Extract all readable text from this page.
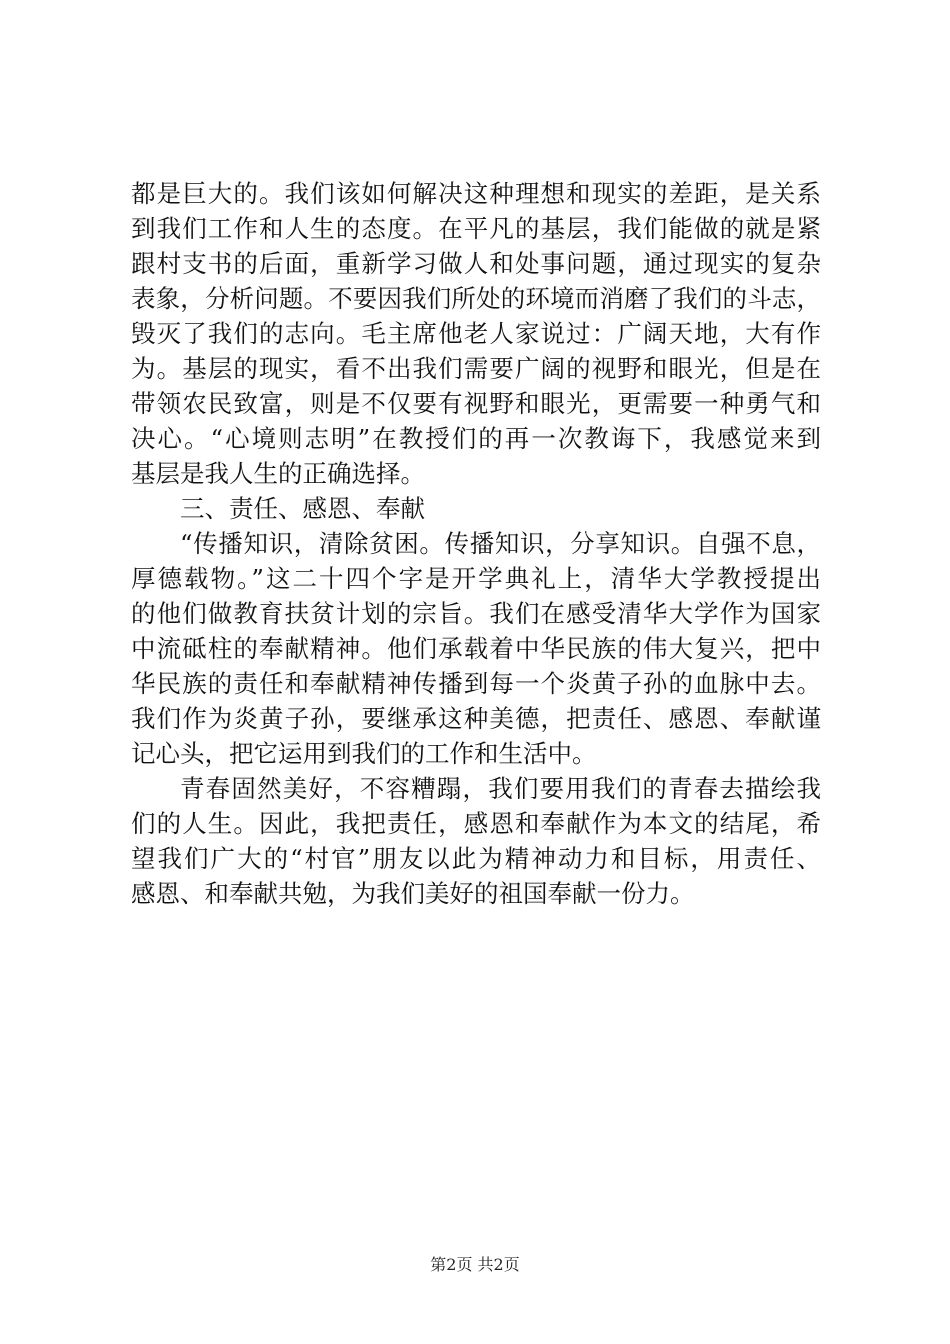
都是巨大的。我们该如何解决这种理想和现实的差距，是关系
到我们工作和人生的态度。在平凡的基层，我们能做的就是紧
跟村支书的后面，重新学习做人和处事问题，通过现实的复杂
表象，分析问题。不要因我们所处的环境而消磨了我们的斗志，
毁灭了我们的志向。毛主席他老人家说过：广阔天地，大有作
为。基层的现实，看不出我们需要广阔的视野和眼光，但是在
带领农民致富，则是不仅要有视野和眼光，更需要一种勇气和
决心。“心境则志明”在教授们的再一次教诲下，我感觉来到
基层是我人生的正确选择。
三、责任、感恩、奉献
“传播知识，清除贫困。传播知识，分享知识。自强不息，
厚德载物。”这二十四个字是开学典礼上，清华大学教授提出
的他们做教育扶贫计划的宗旨。我们在感受清华大学作为国家
中流砥柱的奉献精神。他们承载着中华民族的伟大复兴，把中
华民族的责任和奉献精神传播到每一个炎黄子孙的血脉中去。
我们作为炎黄子孙，要继承这种美德，把责任、感恩、奉献谨
记心头，把它运用到我们的工作和生活中。
青春固然美好，不容糟蹋，我们要用我们的青春去描绘我
们的人生。因此，我把责任，感恩和奉献作为本文的结尾，希
望我们广大的“村官”朋友以此为精神动力和目标，用责任、
感恩、和奉献共勉，为我们美好的祖国奉献一份力。
第2页 共2页
